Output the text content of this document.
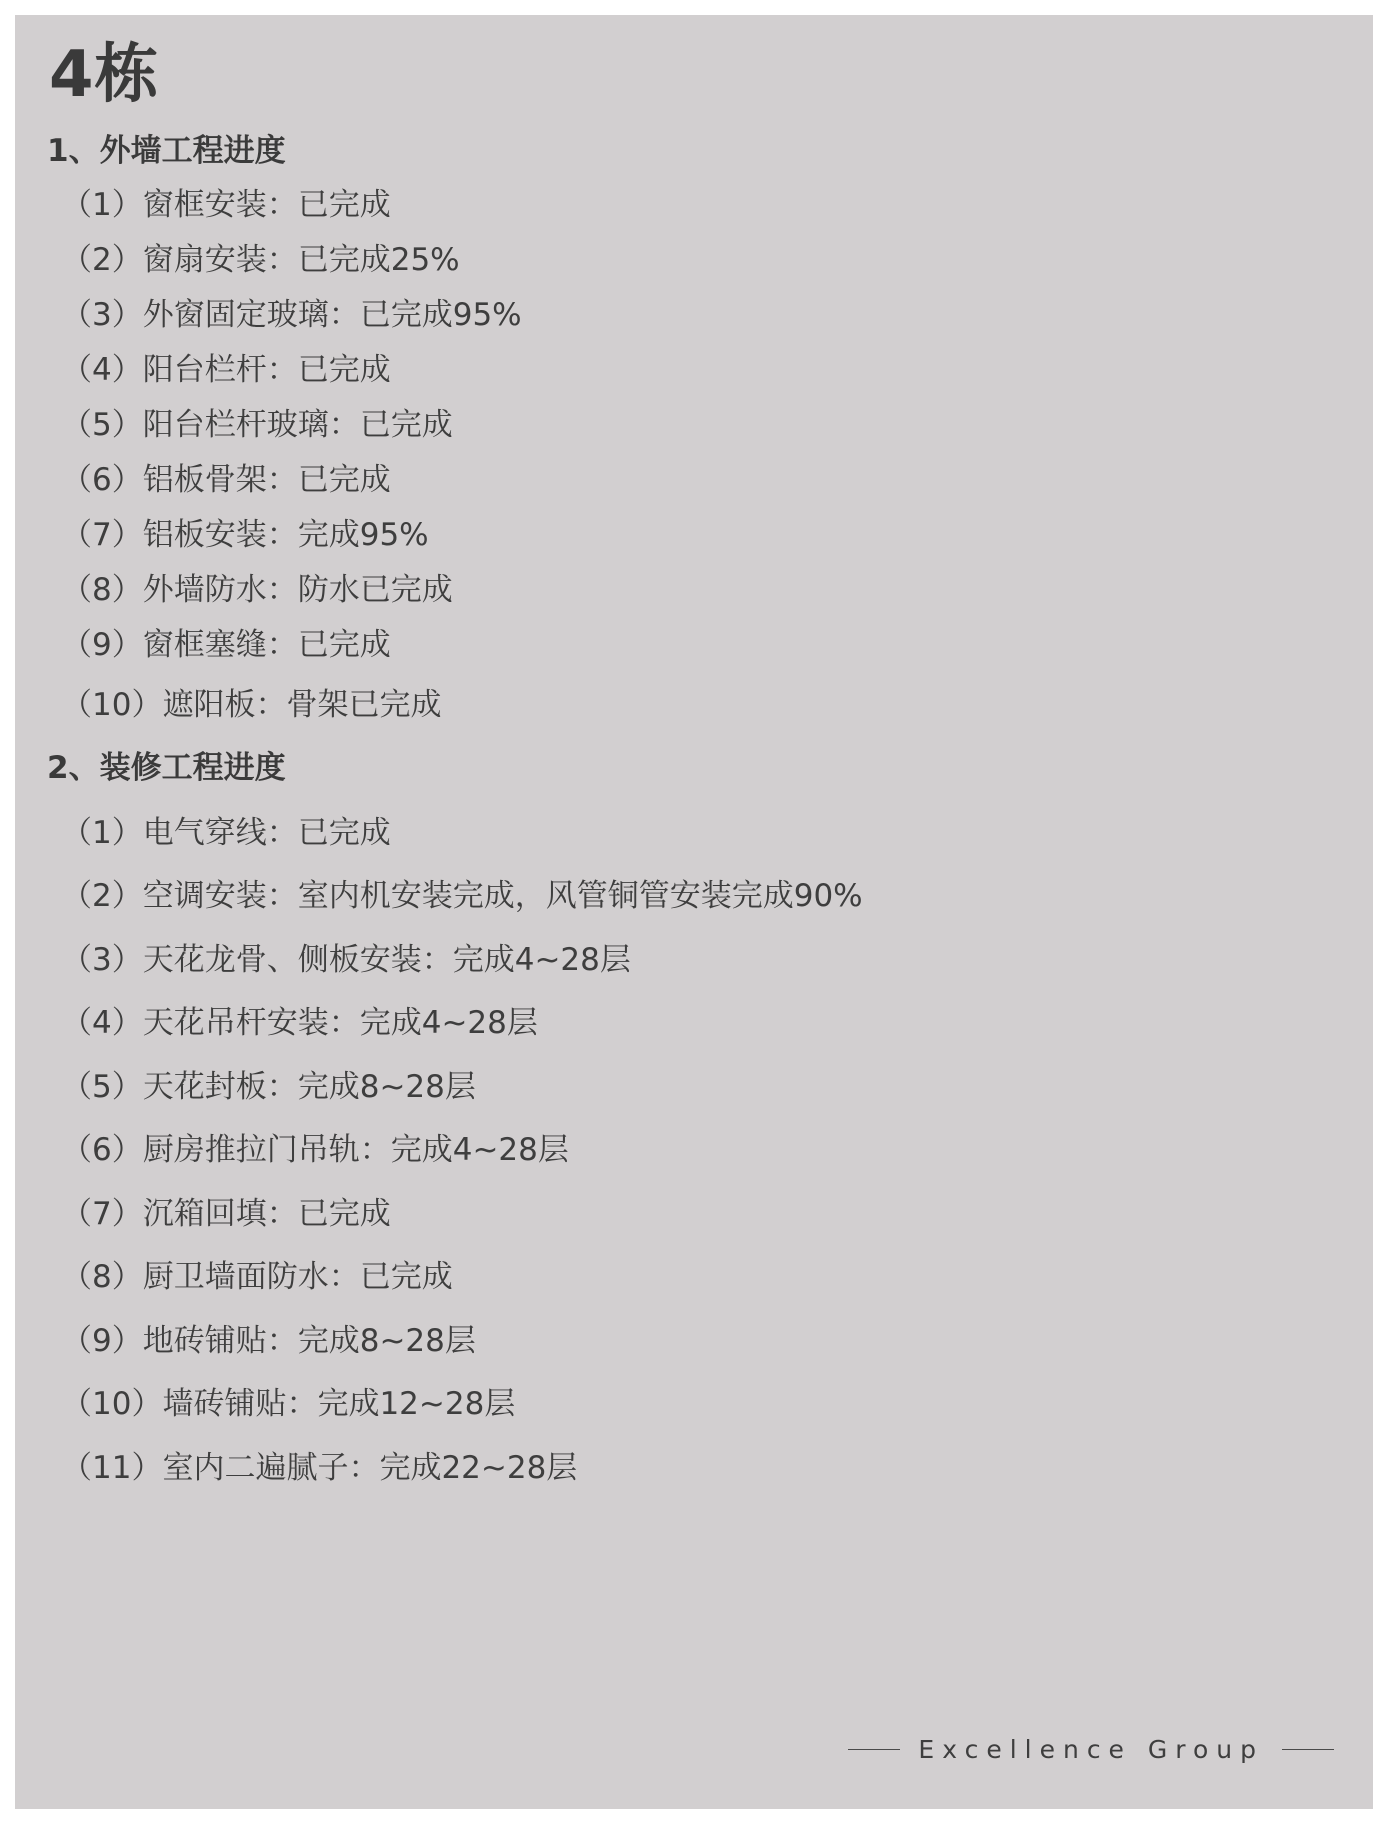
4栋
1、外墙工程进度

（1）窗框安装：已完成

（2）窗扇安装：已完成25%

（3）外窗固定玻璃：已完成95%

（4）阳台栏杆：已完成

（5）阳台栏杆玻璃：已完成

（6）铝板骨架：已完成

（7）铝板安装：完成95%

（8）外墙防水：防水已完成

（9）窗框塞缝：已完成

（10）遮阳板：骨架已完成

2、装修工程进度

（1）电气穿线：已完成

（2）空调安装：室内机安装完成，风管铜管安装完成90%

（3）天花龙骨、侧板安装：完成4~28层

（4）天花吊杆安装：完成4~28层

（5）天花封板：完成8~28层

（6）厨房推拉门吊轨：完成4~28层

（7）沉箱回填：已完成

（8）厨卫墙面防水：已完成

（9）地砖铺贴：完成8~28层

（10）墙砖铺贴：完成12~28层

（11）室内二遍腻子：完成22~28层

Excellence Group
